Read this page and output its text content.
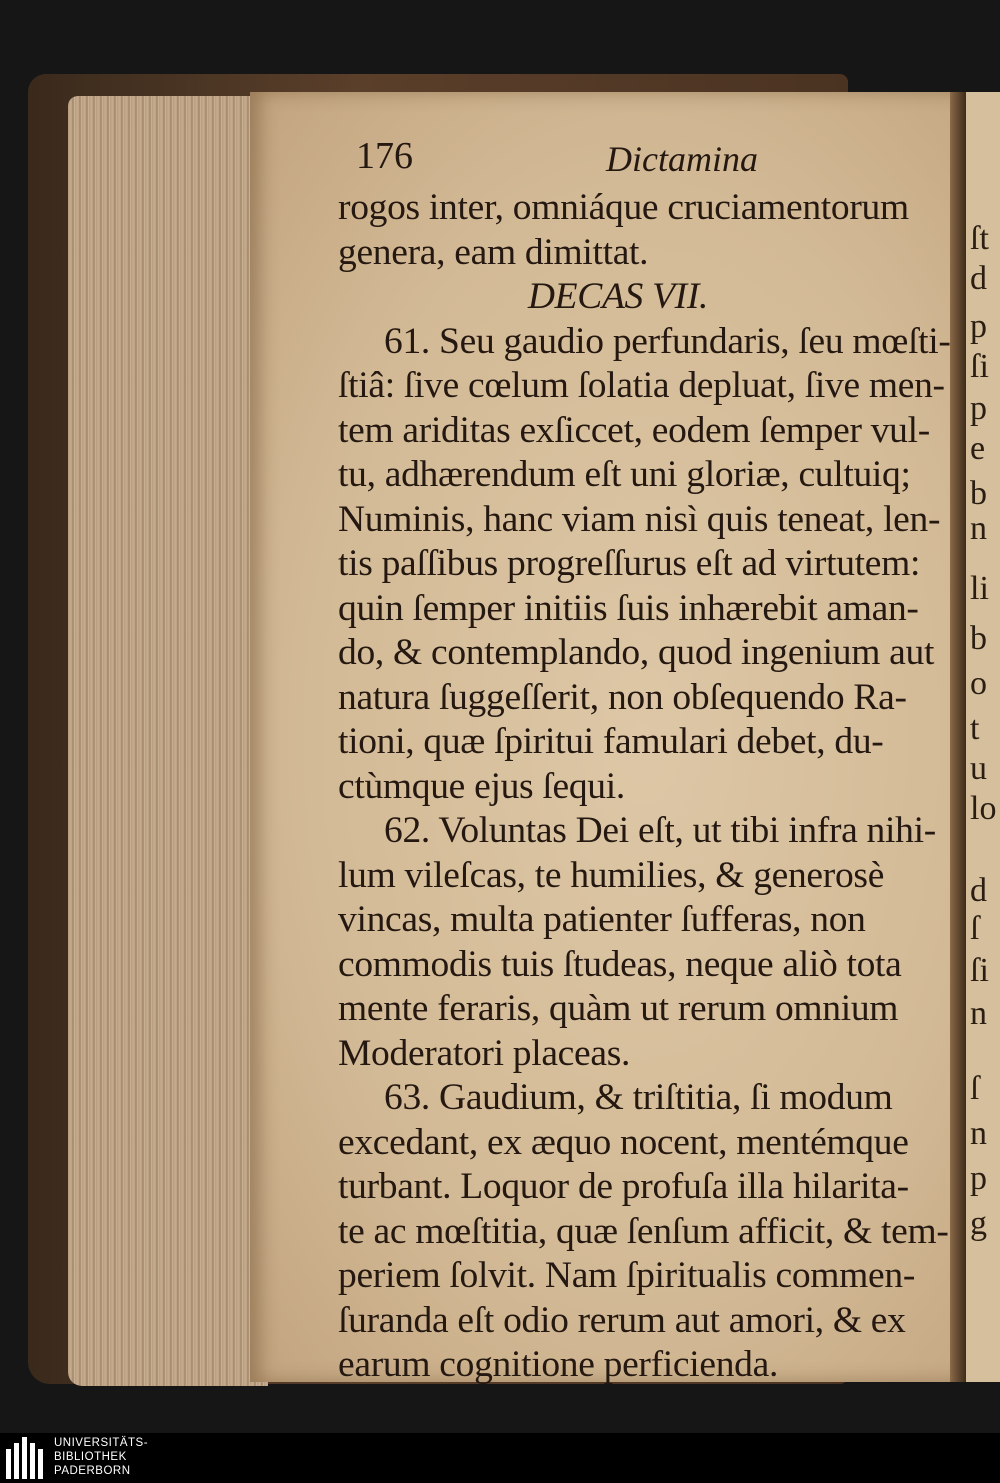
ſt
d
p
ſi
p
e
b
n
li
b
o
t
u
lo
d
ſ
ſi
n
ſ
n
p
g
176	Dictamina
rogos inter, omniáque cruciamentorum
genera, eam dimittat.
DECAS VII.
61. Seu gaudio perfundaris, ſeu mœſti-
ſtiâ: ſive cœlum ſolatia depluat, ſive men-
tem ariditas exſiccet, eodem ſemper vul-
tu, adhærendum eſt uni gloriæ, cultuiq;
Numinis, hanc viam nisì quis teneat, len-
tis paſſibus progreſſurus eſt ad virtutem:
quin ſemper initiis ſuis inhærebit aman-
do, & contemplando, quod ingenium aut
natura ſuggeſſerit, non obſequendo Ra-
tioni, quæ ſpiritui famulari debet, du-
ctùmque ejus ſequi.
62. Voluntas Dei eſt, ut tibi infra nihi-
lum vileſcas, te humilies, & generosè
vincas, multa patienter ſufferas, non
commodis tuis ſtudeas, neque aliò tota
mente feraris, quàm ut rerum omnium
Moderatori placeas.
63. Gaudium, & triſtitia, ſi modum
excedant, ex æquo nocent, mentémque
turbant. Loquor de profuſa illa hilarita-
te ac mœſtitia, quæ ſenſum afficit, & tem-
periem ſolvit. Nam ſpiritualis commen-
ſuranda eſt odio rerum aut amori, & ex
earum cognitione perficienda.
UNIVERSITÄTS-
BIBLIOTHEK
PADERBORN
